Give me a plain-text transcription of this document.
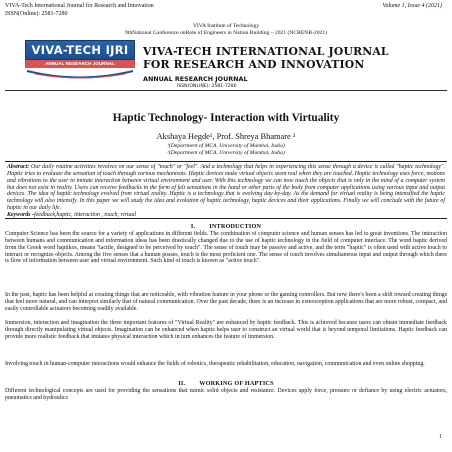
VIVA-Tech International Journal for Research and Innovation
ISSN(Online): 2581-7280
Volume 1, Issue 4 (2021)
VIVA Institute of Technology
9thNational Conference onRole of Engineers in Nation Building – 2021 (NCRENB-2021)
VIVA-TECH IJRI
ANNUAL RESEARCH JOURNAL
VIVA-TECH INTERNATIONAL JOURNAL
FOR RESEARCH AND INNOVATION
ANNUAL RESEARCH JOURNAL
ISSN(ONLINE): 2581-7280
Haptic Technology- Interaction with Virtuality
Akshaya Hegde¹, Prof. Shreya Bhamare ²
¹(Department of MCA, University of Mumbai, India)
²(Department of MCA, University of Mumbai, India)
Abstract: Our daily routine activities revolves on our sense of "touch" or "feel". And a technology that helps in experiencing this sense through a device is called "haptic technology". Haptic tries to evaluate the sensation of touch through various mechanisms. Haptic devices make virtual objects seem real when they are touched. Haptic technology uses force, motions and vibrations to the user to imitate interaction between virtual environment and user. With this technology we can now touch the objects that is only in the mind of a computer system but does not exist in reality. Users can receive feedbacks in the form of felt sensations in the hand or other parts of the body from computer applications using various input and output devices. The idea of haptic technology evolved from virtual reality. Haptic is a technology that is evolving day-by-day. As the demand for virtual reality is being intensified the haptic technology will also intensify. In this paper we will study the idea and evolution of haptic technology, haptic devices and their applications. Finally we will conclude with the future of haptic in our daily life.
Keywords -feedback,haptic, interaction , touch, virtual
I. INTRODUCTION
Computer Science has been the source for a variety of applications in different fields. The combination of computer science and human senses has led to great inventions. The interaction between humans and communication and information ideas has been drastically changed due to the use of haptic technology in the field of computer interface. The word haptic derived from the Greek word haptikos, means "tactile, designed to be perceived by touch". The sense of touch may be passive and active, and the term "haptic" is often used with active touch to interact or recognize objects. Among the five senses that a human posses, touch is the most proficient one. The sense of touch involves simultaneous input and output through which there is flow of information between user and virtual environment. Such kind of touch is known as "active touch".
In the past, haptic has been helpful at creating things that are noticeable, with vibration feature in your phone or the gaming controllers. But now there's been a shift toward creating things that feel more natural, and can interpret similarly that of natural communication. Over the past decade, there is an increase in exteroception applications that are more robust, compact, and easily controllable actuators becoming readily available.
Immersion, interaction and imagination the three important features of "Virtual Reality" are enhanced by haptic feedback. This is achieved because users can obtain immediate feedback through directly manipulating virtual objects. Imagination can be enhanced when haptic helps user to construct an virtual world that is beyond temporal limitations. Haptic feedback can provide more realistic feedback that imitates physical interaction which in turn enhances the feature of immersion.
Involving touch in human-computer interactions would enhance the fields of robotics, therapeutic rehabilitation, education, navigation, communication and even online shopping.
II. WORKING OF HAPTICS
Different technological concepts are used for providing the sensations that mimic solid objects and resistance. Devices apply force, pressure or defiance by using electric actuators, pneumatics and hydraulics
1
